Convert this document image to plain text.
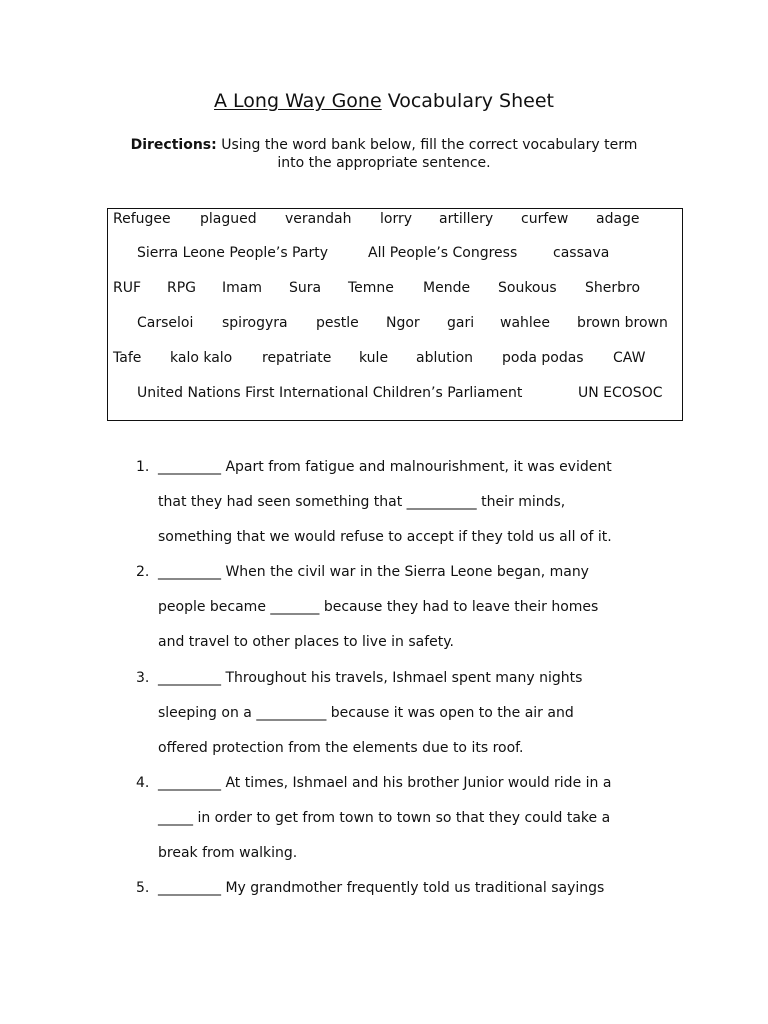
A Long Way Gone Vocabulary Sheet
Directions: Using the word bank below, fill the correct vocabulary term into the appropriate sentence.
Refugee plagued verandah lorry artillery curfew adage
Sierra Leone People’s Party	All People’s Congress	cassava
RUF RPG Imam Sura Temne Mende Soukous Sherbro
Carseloi spirogyra pestle Ngor gari wahlee brown brown
Tafe kalo kalo repatriate kule ablution poda podas CAW
United Nations First International Children’s Parliament	UN ECOSOC
1. _________ Apart from fatigue and malnourishment, it was evident
that they had seen something that __________ their minds,
something that we would refuse to accept if they told us all of it.
2. _________ When the civil war in the Sierra Leone began, many
people became _______ because they had to leave their homes
and travel to other places to live in safety.
3. _________ Throughout his travels, Ishmael spent many nights
sleeping on a __________ because it was open to the air and
offered protection from the elements due to its roof.
4. _________ At times, Ishmael and his brother Junior would ride in a
_____ in order to get from town to town so that they could take a
break from walking.
5. _________ My grandmother frequently told us traditional sayings
